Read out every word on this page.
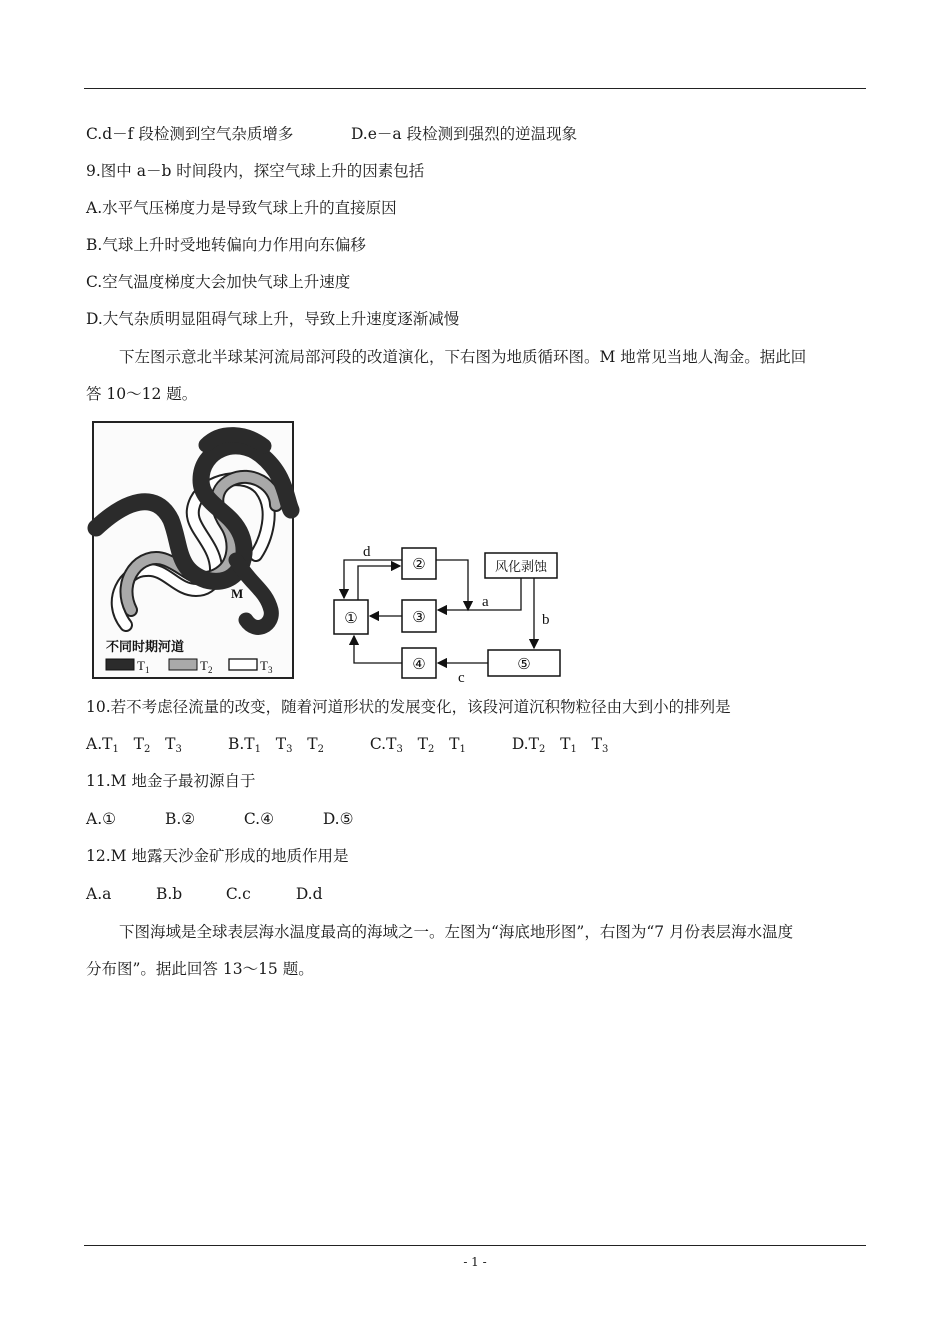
C.d－f 段检测到空气杂质增多	D.e－a 段检测到强烈的逆温现象
9.图中 a－b 时间段内，探空气球上升的因素包括
A.水平气压梯度力是导致气球上升的直接原因
B.气球上升时受地转偏向力作用向东偏移
C.空气温度梯度大会加快气球上升速度
D.大气杂质明显阻碍气球上升，导致上升速度逐渐减慢
下左图示意北半球某河流局部河段的改道演化，下右图为地质循环图。M 地常见当地人淘金。据此回
答 10～12 题。
M
不同时期河道
$T_1$	$T_2$	$T_3$
①
②
③
④	⑤
风化剥蚀
d
a
b
c
10.若不考虑径流量的改变，随着河道形状的发展变化，该段河道沉积物粒径由大到小的排列是
$A.T_1$ $T_2$ $T_3$	$B.T_1$ $T_3$ $T_2$	$C.T_3$ $T_2$ $T_1$	$D.T_2$ $T_1$ $T_3$
11.M 地金子最初源自于
A.①	B.②	C.④	D.⑤
12.M 地露天沙金矿形成的地质作用是
A.a	B.b	C.c	D.d
下图海域是全球表层海水温度最高的海域之一。左图为“海底地形图”，右图为“7 月份表层海水温度
分布图”。据此回答 13～15 题。
- 1 -
